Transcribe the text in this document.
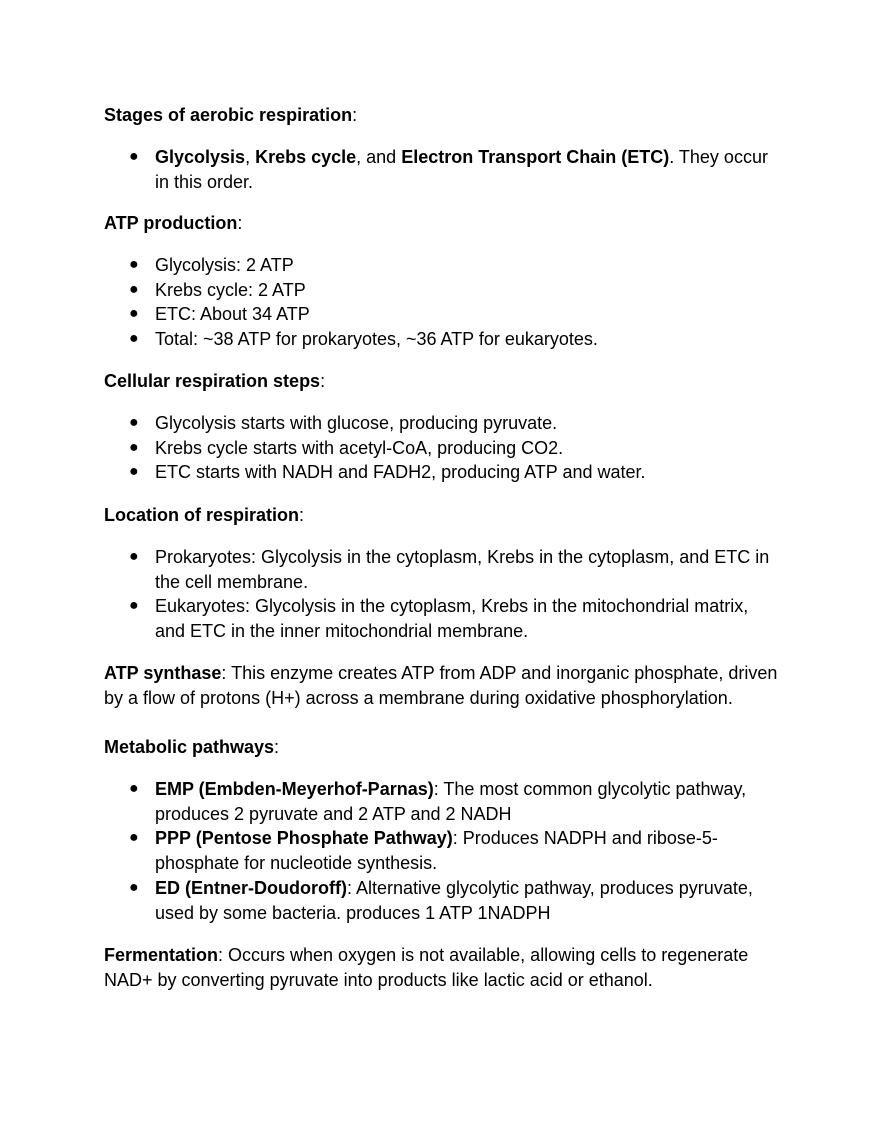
Stages of aerobic respiration:

● Glycolysis, Krebs cycle, and Electron Transport Chain (ETC). They occur in this order.

ATP production:

● Glycolysis: 2 ATP
● Krebs cycle: 2 ATP
● ETC: About 34 ATP
● Total: ~38 ATP for prokaryotes, ~36 ATP for eukaryotes.

Cellular respiration steps:

● Glycolysis starts with glucose, producing pyruvate.
● Krebs cycle starts with acetyl-CoA, producing CO2.
● ETC starts with NADH and FADH2, producing ATP and water.

Location of respiration:

● Prokaryotes: Glycolysis in the cytoplasm, Krebs in the cytoplasm, and ETC in the cell membrane.
● Eukaryotes: Glycolysis in the cytoplasm, Krebs in the mitochondrial matrix, and ETC in the inner mitochondrial membrane.

ATP synthase: This enzyme creates ATP from ADP and inorganic phosphate, driven by a flow of protons (H+) across a membrane during oxidative phosphorylation.

Metabolic pathways:

● EMP (Embden-Meyerhof-Parnas): The most common glycolytic pathway, produces 2 pyruvate and 2 ATP and 2 NADH
● PPP (Pentose Phosphate Pathway): Produces NADPH and ribose-5-phosphate for nucleotide synthesis.
● ED (Entner-Doudoroff): Alternative glycolytic pathway, produces pyruvate, used by some bacteria. produces 1 ATP 1NADPH

Fermentation: Occurs when oxygen is not available, allowing cells to regenerate NAD+ by converting pyruvate into products like lactic acid or ethanol.
